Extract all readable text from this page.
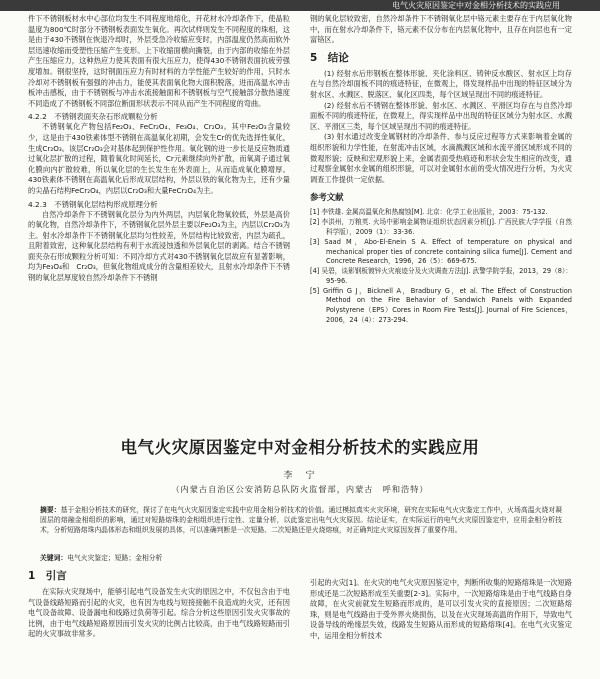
电气火灾原因鉴定中对金相分析技术的实践应用

件下不锈钢板材水中心部位均发生不同程度地熔化，开花材水冷却条件下，使晶粒温度为800℃时部分不锈钢板表面发生氧化。再次试样则发生不同程度的珠相，这是由于430不锈钢在恢退冷却时，外层受急冷收缩应变时，内部温度仍然高而软外层迅速收缩而受塑性压缩产生变形。上下收缩面横向撕裂，由于内部的收缩在外层产生压缩应力，这种热应力使其表面有很大压应力，使得430不锈钢表面抗疲劳强度增加。钢很坚持，这时钢面压应力有时材料的力学性能产生较好的作用，只时水冷却对不锈钢板有强强的冲击力，能使其表面氧化物大面积脱落，进而高温水冲击板冲击感板，由于不锈钢板与冲击水流接触面和不锈钢板与空气接触部分散热速度不同造成了不锈钢板不同部位断面形状表示不同从而产生不同程度的弯曲。

4.2.2　不锈钢表面夹杂石形成颗粒分析

不锈钢氧化产物包括Fe₂O₃、FeCr₂O₄、Fe₃O₄、Cr₂O₃。其中Fe₂O₃含量较少，这是由于430铁素体型不锈钢在高温氧化初期，会发生Cr的优先选择性氧化，生成Cr₂O₃。该层Cr₂O₃会对基体起到保护性作用。氧化钢的进一步长是反应物质通过氧化层扩散的过程，随着氧化时间延长，Cr元素继续向外扩散，而氧离子通过氧化膜向内扩散较难，所以氧化层的生长发生在外表面上，从而造成氧化膜增厚。430铁素体不锈钢在高温氧化后形成双层结构，外层以铁的氧化物为主，还有少量的尖晶石结构FeCr₂O₄，内层以Cr₂O₃和大量FeCr₂O₄为主。

4.2.3　不锈钢氧化层结构形成原理分析

自然冷却条件下不锈钢氧化层分为内外两层，内层氧化物氧较低，外层是高价的氧化物，自然冷却条件下，不锈钢氧化层外层主要以Fe₂O₃为主，内层以Cr₂O₃为主。射水冷却条件下不锈钢氧化层均匀性较差，外层结构比较致密，内层为疏孔，且附着致密，这种氧化层结构有利于水流浸蚀透和外层氧化层的剥离。结合不锈钢面夹杂石形成颗粒分析可知：不同冷却方式对430不锈钢氧化层故应有显著影响，均为Fe₃O₄和　Cr₂O₃，但氧化物组成成分的含量相差较大，且射水冷却条件下不锈钢的氧化层厚度较自然冷却条件下不锈钢

钢的氧化层较致密，自然冷却条件下不锈钢氧化层中铬元素主要存在于内层氧化物中，而在射水冷却条件下，铬元素不仅分布在内层氧化物中，且存在向层也有一定富铬区。

5　结论

(1) 经射水后形钢板在整体形貌、夹化涂料区、铸钟反水酸区、射水区上均存在与自然冷却面板不同的痕迹特征，在微观上，得发现样品中出现的特征区域分为射水区、水溅区、脱落区、氧化区四类，每个区域呈现出不同的痕迹特征。

(2) 经射水后不锈钢在整体形貌、射水区、水溅区、平滑区均存在与自然冷却面板不同的痕迹特征，在微观上，得实现样品中出现的特征区域分为射水区、水溅区、平滑区三类，每个区域呈现出不同的痕迹特征。

(3) 射水通过改变金属钢材的冷却条件、参与反应过程等方式来影响着金属的组织形貌和力学性能，在射流冲击区域，水滴溅溅区域和水流平滑区域形成不同的微观形貌；反映和宏观形貌上来，金属表面受热痕迹和形状会发生相应的改变，通过观察金属射水金属的组织形貌，可以对金属射水前的受火情况进行分析，为火灾调查工作提供一定依据。

参考文献

[1] 李铁雄. 金属高温氧化和热腐蚀[M]. 北京：化学工业出版社，2003：75-132.

[2] 李洪州，万粮英. 火场中影响金属物证组织状态因素分析[J]. 广西民族大学学报（自然科学版），2009（1）：33-36.

[3] Saad M，Abo-El-Enein S A. Effect of temperature on physical and mechanical proper ties of concrete containing silica fume[J]. Cement and Concrete Research，1996，26（5）：669-675.

[4] 吴碧，谈影钢板镀锌火灾痕迹分及火灾调查方法[J]. 武警学院学报，2013，29（8）：95-96.

[5] Griffin G J，Bicknell A，Bradbury G，et al. The Effect of Construction Method on the Fire Behavior of Sandwich Panels with Expanded Polystyrene（EPS）Cores in Room Fire Tests[J]. Journal of Fire Sciences，2006，24（4）：273-294.

电气火灾原因鉴定中对金相分析技术的实践应用
李　宁
（内蒙古自治区公安消防总队防火监督部，内蒙古　呼和浩特）
摘要：基于金相分析技术的研究，探讨了在电气火灾原因鉴定实践中应用金相分析技术的价值。通过模拟真实火灾环境，研究在实际电气火灾鉴定工作中，火场高温火烧对凝固层的熔融金相组织的影响，通过对短路熔珠的金相组织进行定性、定量分析，以此鉴定出电气火灾原因。结论证实，在实际运行的电气火灾原因鉴定中，应用金相分析技术，分析短路熔珠内晶体形态和组织发展的具体，可以准确判断是一次短路、二次短路还是火烧熔痕，对正确判定火灾原因发挥了重要作用。
关键词：电气火灾鉴定；短路；金相分析
1　引言

在实际火灾现场中，能够引起电气设备发生火灾的原因之中，不仅包含由于电气设备线路短路而引起的火灾，也有因为电线与短接接触不良造成的火灾，还有因电气设备故障、设备漏电和线路过负荷等引起。综合分析这些原因引发火灾事故的比例，由于电气线路短路原因而引发火灾的比例占比较高，由于电气线路短路而引起的火灾事故非常多。

引起的火灾[1]。在火灾的电气火灾原因鉴定中，判断所收集的短路熔珠是一次短路形成还是二次短路形成至关重要[2-3]。实际中，一次短路熔珠是由于电气线路自身故障，在火灾前就发生短路而形成的，是可以引发火灾的直接原因；二次短路熔珠，则是电气线路由于受外界火烧损伤，以及在火灾现场高温的作用下，导致电气设备导线的绝缘层失效，线路发生短路从而形成的短路熔珠[4]。在电气火灾鉴定中，运用金相分析技术
